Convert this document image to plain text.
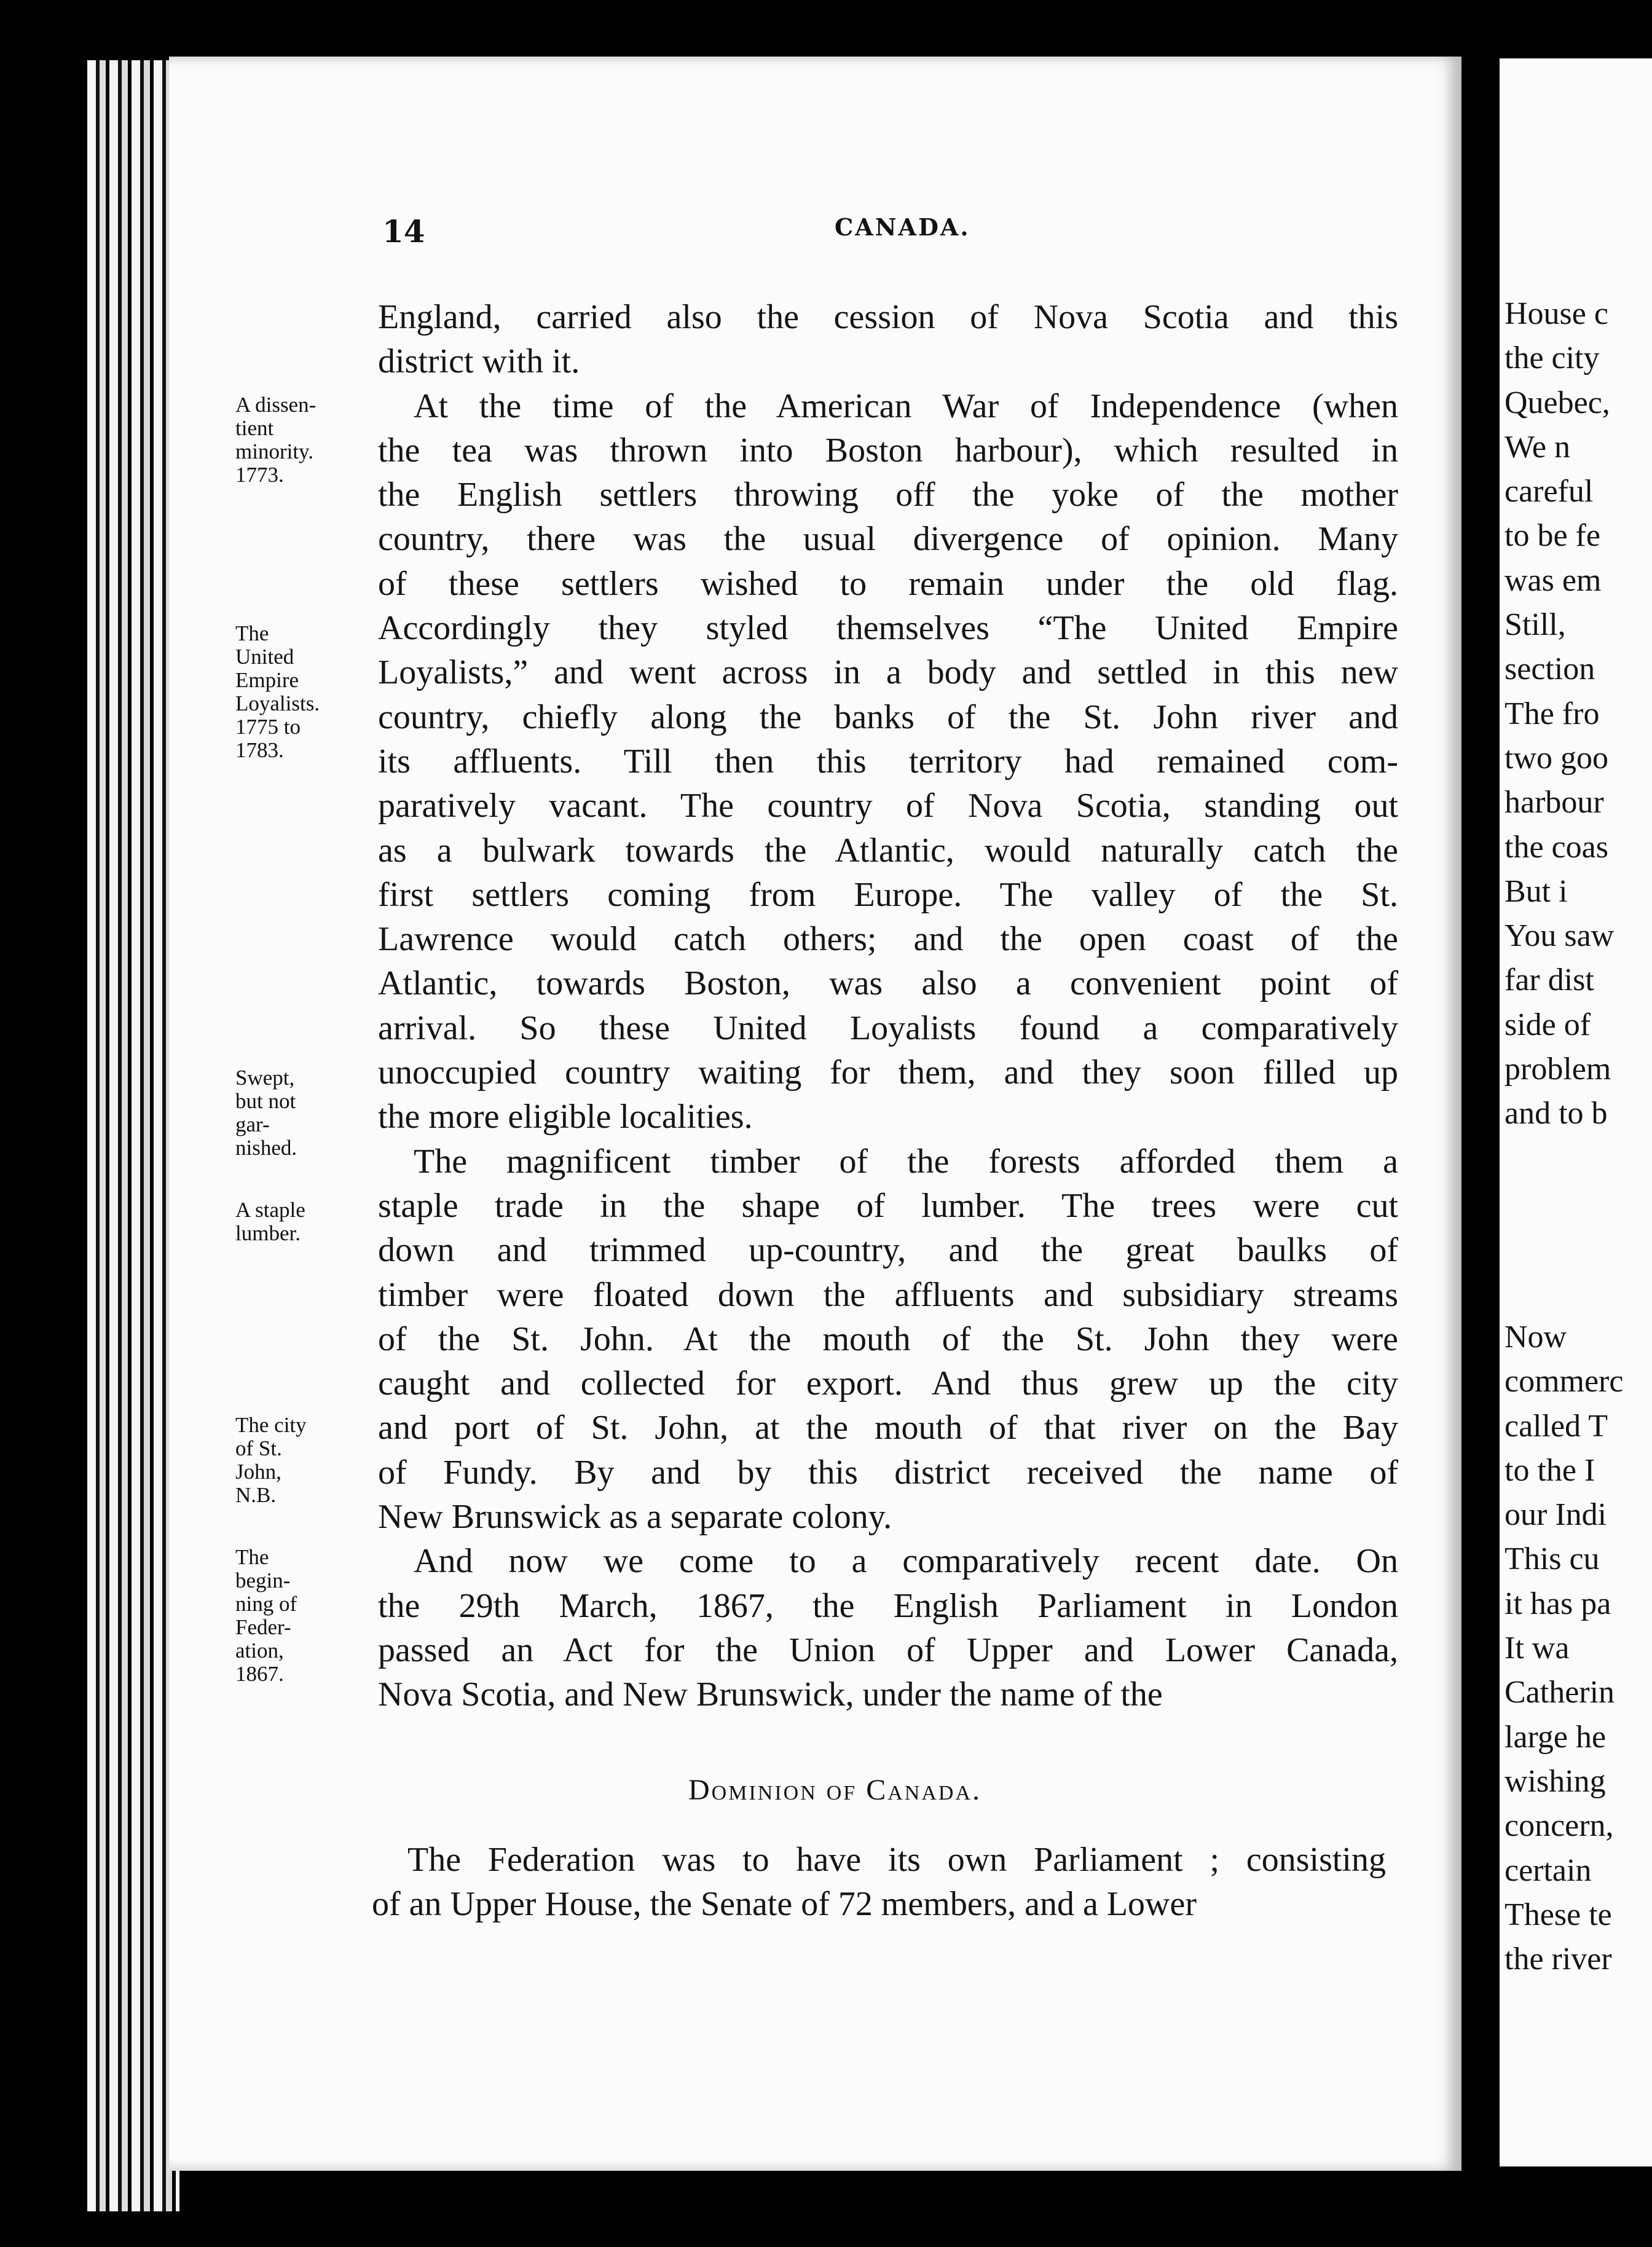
14	CANADA.
A dissen-
tient
minority.
1773.
The
United
Empire
Loyalists.
1775 to
1783.
Swept,
but not
gar-
nished.
A staple
lumber.
The city
of St.
John,
N.B.
The
begin-
ning of
Feder-
ation,
1867.

England, carried also the cession of Nova Scotia and this
district with it.

At the time of the American War of Independence (when
the tea was thrown into Boston harbour), which resulted in
the English settlers throwing off the yoke of the mother
country, there was the usual divergence of opinion. Many
of these settlers wished to remain under the old flag.
Accordingly they styled themselves “The United Empire
Loyalists,” and went across in a body and settled in this new
country, chiefly along the banks of the St. John river and
its affluents. Till then this territory had remained com-
paratively vacant. The country of Nova Scotia, standing out
as a bulwark towards the Atlantic, would naturally catch the
first settlers coming from Europe. The valley of the St.
Lawrence would catch others; and the open coast of the
Atlantic, towards Boston, was also a convenient point of
arrival. So these United Loyalists found a comparatively
unoccupied country waiting for them, and they soon filled up
the more eligible localities.

The magnificent timber of the forests afforded them a
staple trade in the shape of lumber. The trees were cut
down and trimmed up-country, and the great baulks of
timber were floated down the affluents and subsidiary streams
of the St. John. At the mouth of the St. John they were
caught and collected for export. And thus grew up the city
and port of St. John, at the mouth of that river on the Bay
of Fundy. By and by this district received the name of
New Brunswick as a separate colony.

And now we come to a comparatively recent date. On
the 29th March, 1867, the English Parliament in London
passed an Act for the Union of Upper and Lower Canada,
Nova Scotia, and New Brunswick, under the name of the

Dominion of Canada.

The Federation was to have its own Parliament ; consisting
of an Upper House, the Senate of 72 members, and a Lower

House c
the city
Quebec,
We n
careful
to be fe
was em
Still,
section
The fro
two goo
harbour
the coas
But i
You saw
far dist
side of
problem
and to b
Now
commerc
called T
to the I
our Indi
This cu
it has pa
It wa
Catherin
large he
wishing
concern,
certain
These te
the river
